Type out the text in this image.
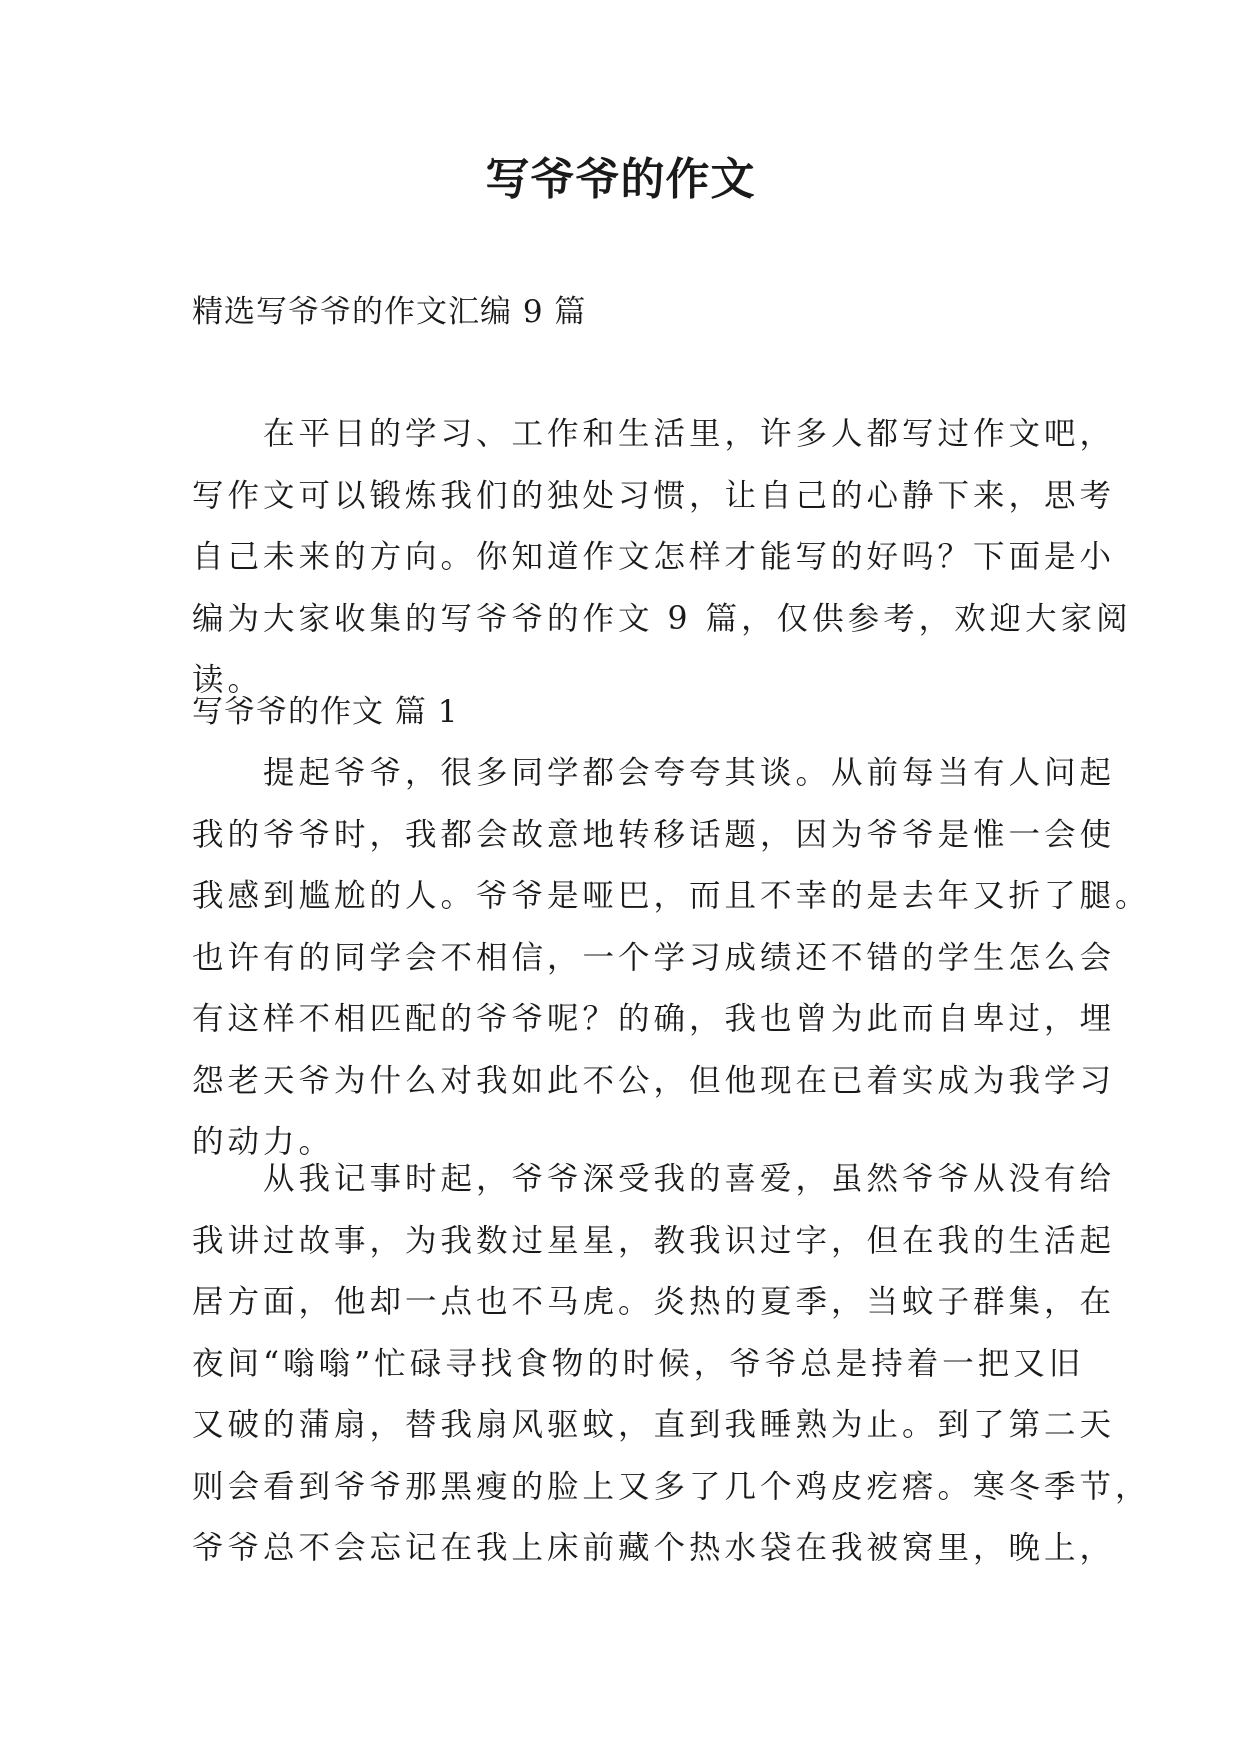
写爷爷的作文

精选写爷爷的作文汇编 9 篇

　　在平日的学习、工作和生活里，许多人都写过作文吧，
写作文可以锻炼我们的独处习惯，让自己的心静下来，思考
自己未来的方向。你知道作文怎样才能写的好吗？下面是小
编为大家收集的写爷爷的作文 9 篇，仅供参考，欢迎大家阅
读。

写爷爷的作文 篇 1

　　提起爷爷，很多同学都会夸夸其谈。从前每当有人问起
我的爷爷时，我都会故意地转移话题，因为爷爷是惟一会使
我感到尴尬的人。爷爷是哑巴，而且不幸的是去年又折了腿。
也许有的同学会不相信，一个学习成绩还不错的学生怎么会
有这样不相匹配的爷爷呢？的确，我也曾为此而自卑过，埋
怨老天爷为什么对我如此不公，但他现在已着实成为我学习
的动力。
　　从我记事时起，爷爷深受我的喜爱，虽然爷爷从没有给
我讲过故事，为我数过星星，教我识过字，但在我的生活起
居方面，他却一点也不马虎。炎热的夏季，当蚊子群集，在
夜间“嗡嗡”忙碌寻找食物的时候，爷爷总是持着一把又旧
又破的蒲扇，替我扇风驱蚊，直到我睡熟为止。到了第二天
则会看到爷爷那黑瘦的脸上又多了几个鸡皮疙瘩。寒冬季节，
爷爷总不会忘记在我上床前藏个热水袋在我被窝里，晚上，
